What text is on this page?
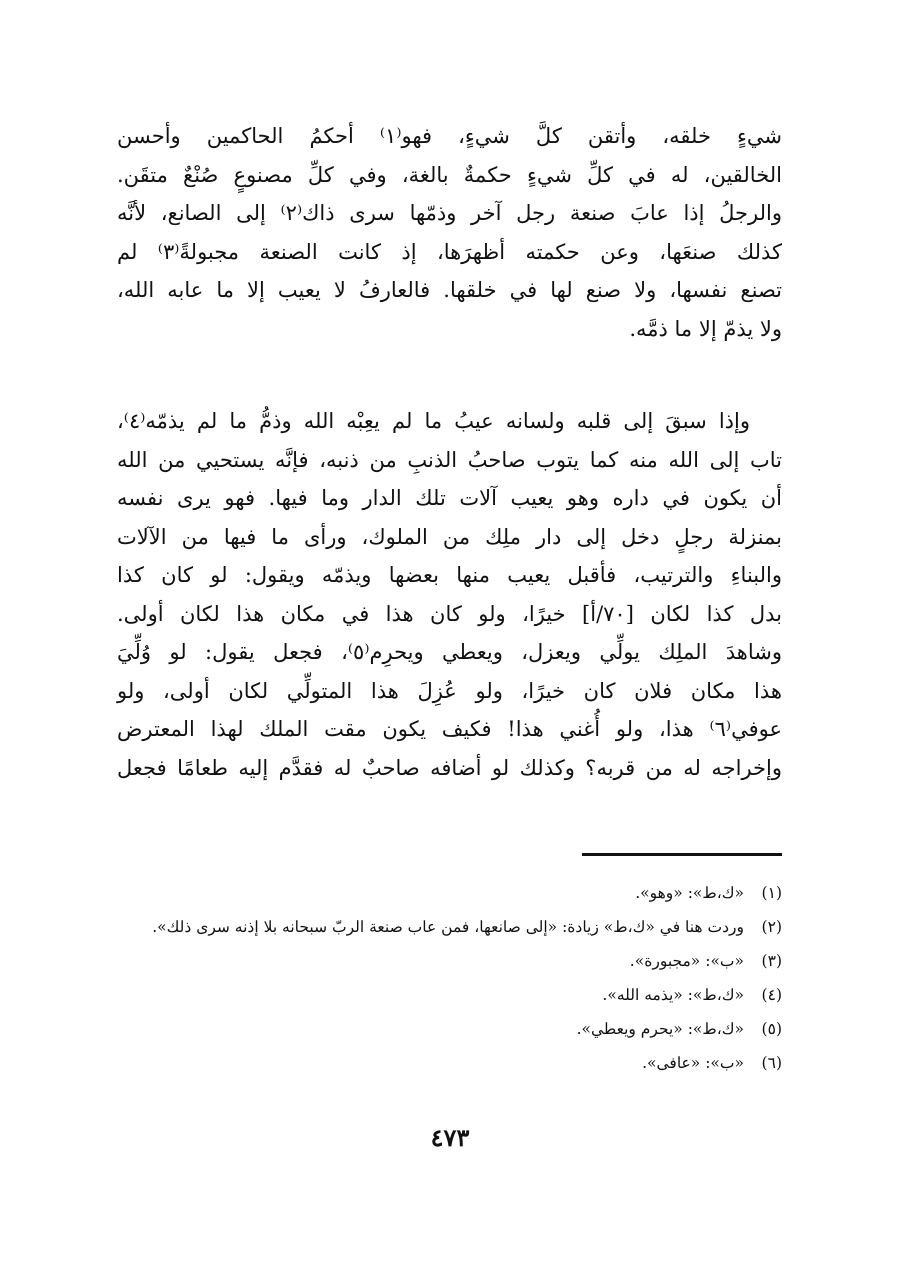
شيءٍ خلقه، وأتقن كلَّ شيءٍ، فهو⁽١⁾ أحكمُ الحاكمين وأحسن
الخالقين، له في كلِّ شيءٍ حكمةٌ بالغة، وفي كلِّ مصنوعٍ صُنْعٌ متقَن.
والرجلُ إذا عابَ صنعة رجل آخر وذمّها سرى ذاك⁽٢⁾ إلى الصانع، لأنَّه
كذلك صنعَها، وعن حكمته أظهرَها، إذ كانت الصنعة مجبولةً⁽٣⁾ لم
تصنع نفسها، ولا صنع لها في خلقها. فالعارفُ لا يعيب إلا ما عابه الله،
ولا يذمّ إلا ما ذمَّه.
وإذا سبقَ إلى قلبه ولسانه عيبُ ما لم يعِبْه الله وذمُّ ما لم يذمّه⁽٤⁾،
تاب إلى الله منه كما يتوب صاحبُ الذنبِ من ذنبه، فإنَّه يستحيي من الله
أن يكون في داره وهو يعيب آلات تلك الدار وما فيها. فهو يرى نفسه
بمنزلة رجلٍ دخل إلى دار ملِك من الملوك، ورأى ما فيها من الآلات
والبناءِ والترتيب، فأقبل يعيب منها بعضها ويذمّه ويقول: لو كان كذا
بدل كذا لكان [٧٠/أ] خيرًا، ولو كان هذا في مكان هذا لكان أولى.
وشاهدَ الملِك يولِّي ويعزل، ويعطي ويحرِم⁽٥⁾، فجعل يقول: لو وُلِّيَ
هذا مكان فلان كان خيرًا، ولو عُزِلَ هذا المتولِّي لكان أولى، ولو
عوفي⁽٦⁾ هذا، ولو أُغني هذا! فكيف يكون مقت الملك لهذا المعترض
وإخراجه له من قربه؟ وكذلك لو أضافه صاحبٌ له فقدَّم إليه طعامًا فجعل
(١)
«ك،ط»: «وهو».
(٢)
وردت هنا في «ك،ط» زيادة: «إلى صانعها، فمن عاب صنعة الربّ سبحانه بلا إذنه سرى ذلك».
(٣)
«ب»: «مجبورة».
(٤)
«ك،ط»: «يذمه الله».
(٥)
«ك،ط»: «يحرم ويعطي».
(٦)
«ب»: «عافى».
٤٧٣
